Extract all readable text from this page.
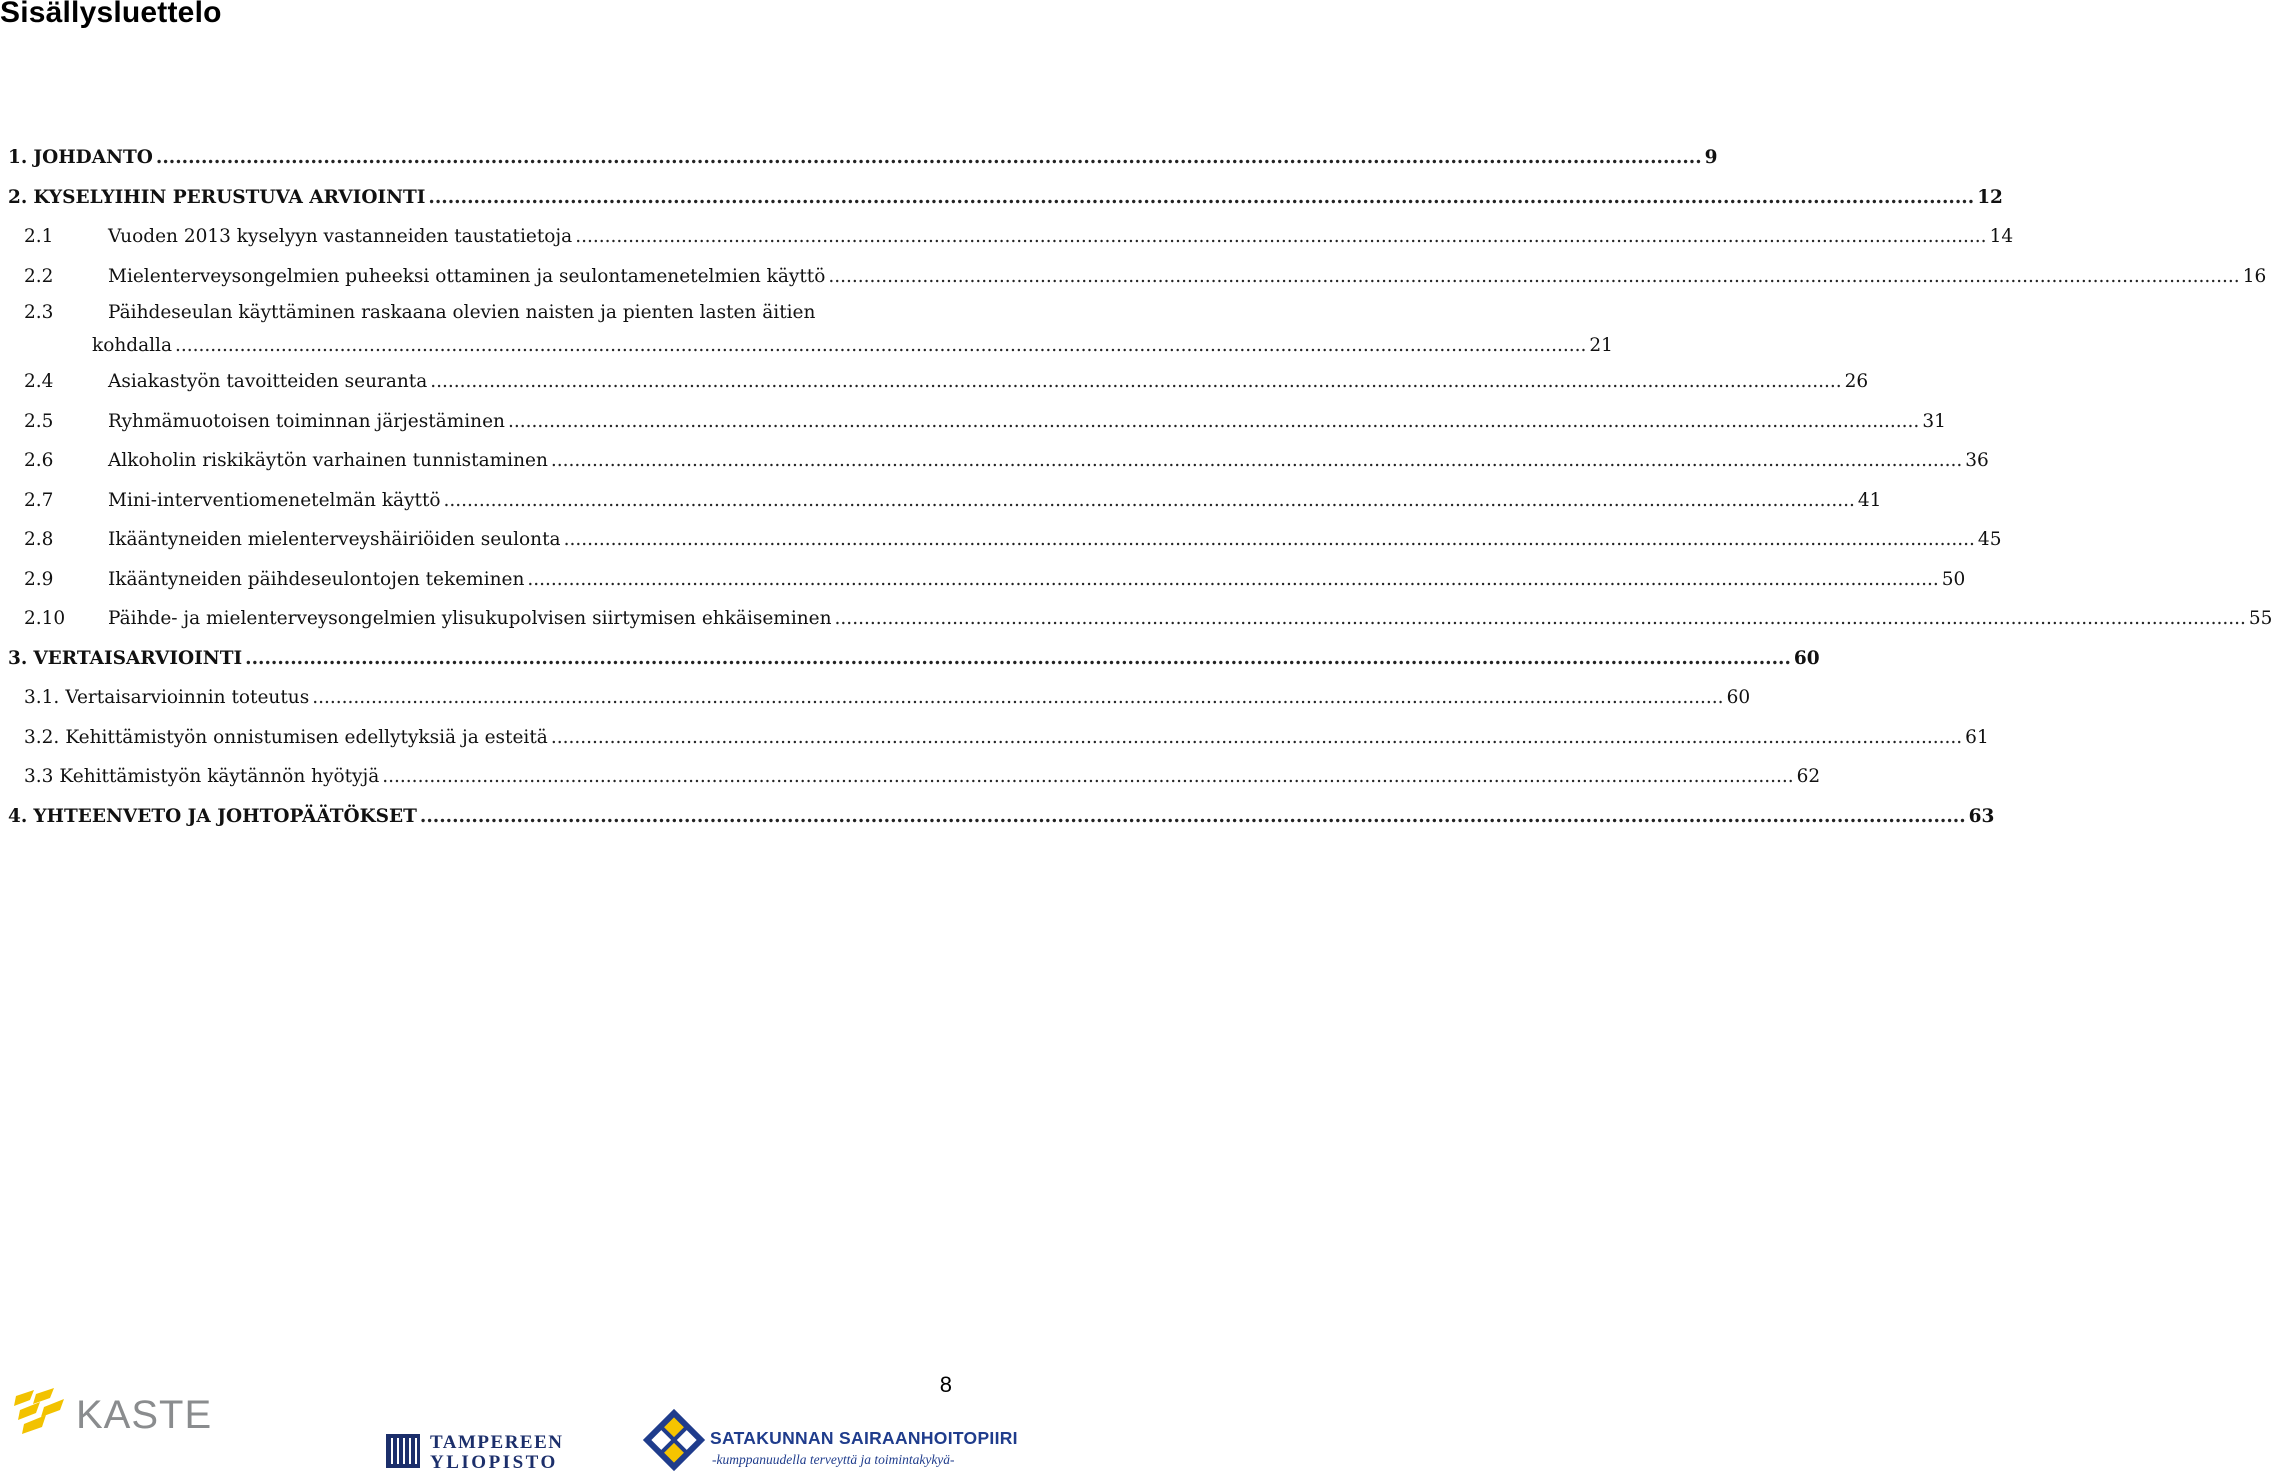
Sisällysluettelo
1. JOHDANTO .....	9
2. KYSELYIHIN PERUSTUVA ARVIOINTI .....	12
2.1	Vuoden 2013 kyselyyn vastanneiden taustatietoja .....	14
2.2	Mielenterveysongelmien puheeksi ottaminen ja seulontamenetelmien käyttö .....	16
2.3	Päihdeseulan käyttäminen raskaana olevien naisten ja pienten lasten äitien
kohdalla .....	21
2.4	Asiakastyön tavoitteiden seuranta .....	26
2.5	Ryhmämuotoisen toiminnan järjestäminen .....	31
2.6	Alkoholin riskikäytön varhainen tunnistaminen .....	36
2.7	Mini-interventiomenetelmän käyttö .....	41
2.8	Ikääntyneiden mielenterveyshäiriöiden seulonta .....	45
2.9	Ikääntyneiden päihdeseulontojen tekeminen .....	50
2.10	Päihde- ja mielenterveysongelmien ylisukupolvisen siirtymisen ehkäiseminen .....	55
3. VERTAISARVIOINTI .....	60
3.1. Vertaisarvioinnin toteutus .....	60
3.2. Kehittämistyön onnistumisen edellytyksiä ja esteitä .....	61
3.3 Kehittämistyön käytännön hyötyjä .....	62
4. YHTEENVETO JA JOHTOPÄÄTÖKSET .....	63
8
KASTE
TAMPEREEN
YLIOPISTO
SATAKUNNAN SAIRAANHOITOPIIRI
-kumppanuudella terveyttä ja toimintakykyä-
